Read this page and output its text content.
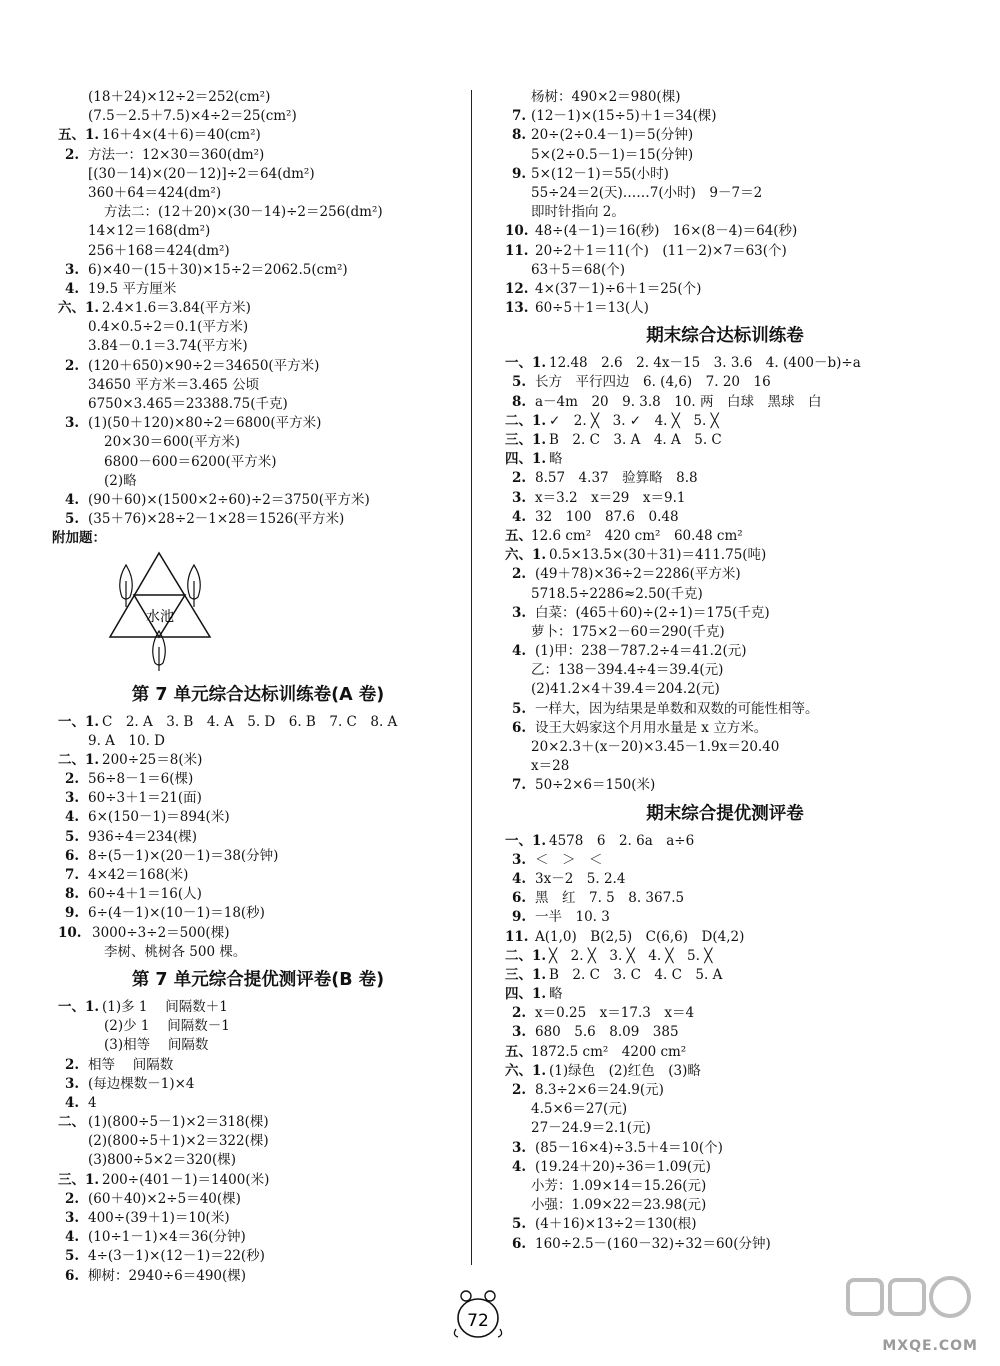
(18＋24)×12÷2＝252(cm²)
(7.5－2.5＋7.5)×4÷2＝25(cm²)
五、1. 16＋4×(4＋6)＝40(cm²)
2. 方法一：12×30＝360(dm²)
[(30－14)×(20－12)]÷2＝64(dm²)
360＋64＝424(dm²)
方法二：(12＋20)×(30－14)÷2＝256(dm²)
14×12＝168(dm²)
256＋168＝424(dm²)
3. 6)×40－(15＋30)×15÷2＝2062.5(cm²)
4. 19.5 平方厘米
六、1. 2.4×1.6＝3.84(平方米)
0.4×0.5÷2＝0.1(平方米)
3.84－0.1＝3.74(平方米)
2. (120＋650)×90÷2＝34650(平方米)
34650 平方米＝3.465 公顷
6750×3.465＝23388.75(千克)
3. (1)(50＋120)×80÷2＝6800(平方米)
20×30＝600(平方米)
6800－600＝6200(平方米)
(2)略
4. (90＋60)×(1500×2÷60)÷2＝3750(平方米)
5. (35＋76)×28÷2－1×28＝1526(平方米)
附加题：
水池
第 7 单元综合达标训练卷(A 卷)
一、1. C　2. A　3. B　4. A　5. D　6. B　7. C　8. A
9. A　10. D
二、1. 200÷25＝8(米)
2. 56÷8－1＝6(棵)
3. 60÷3＋1＝21(面)
4. 6×(150－1)＝894(米)
5. 936÷4＝234(棵)
6. 8÷(5－1)×(20－1)＝38(分钟)
7. 4×42＝168(米)
8. 60÷4＋1＝16(人)
9. 6÷(4－1)×(10－1)＝18(秒)
10. 3000÷3÷2＝500(棵)
李树、桃树各 500 棵。
第 7 单元综合提优测评卷(B 卷)
一、1. (1)多 1　 间隔数＋1
(2)少 1　 间隔数－1
(3)相等　 间隔数
2. 相等　 间隔数
3. (每边棵数－1)×4
4. 4
二、 (1)(800÷5－1)×2＝318(棵)
(2)(800÷5＋1)×2＝322(棵)
(3)800÷5×2＝320(棵)
三、1. 200÷(401－1)＝1400(米)
2. (60＋40)×2÷5＝40(棵)
3. 400÷(39＋1)＝10(米)
4. (10÷1－1)×4＝36(分钟)
5. 4÷(3－1)×(12－1)＝22(秒)
6. 柳树：2940÷6＝490(棵)
杨树：490×2＝980(棵)
7. (12－1)×(15÷5)＋1＝34(棵)
8. 20÷(2÷0.4－1)＝5(分钟)
5×(2÷0.5－1)＝15(分钟)
9. 5×(12－1)＝55(小时)
55÷24＝2(天)……7(小时)　9－7＝2
即时针指向 2。
10. 48÷(4－1)＝16(秒)　16×(8－4)＝64(秒)
11. 20÷2＋1＝11(个)　(11－2)×7＝63(个)
63＋5＝68(个)
12. 4×(37－1)÷6＋1＝25(个)
13. 60÷5＋1＝13(人)
期末综合达标训练卷
一、1. 12.48　2.6　2. 4x－15　3. 3.6　4. (400－b)÷a
5. 长方　平行四边　6. (4,6)　7. 20　16
8. a－4m　20　9. 3.8　10. 两　白球　黑球　白
二、1. ✓　2. ╳　3. ✓　4. ╳　5. ╳
三、1. B　2. C　3. A　4. A　5. C
四、1. 略
2. 8.57　4.37　验算略　8.8
3. x＝3.2　x＝29　x＝9.1
4. 32　100　87.6　0.48
五、 12.6 cm²　420 cm²　60.48 cm²
六、1. 0.5×13.5×(30＋31)＝411.75(吨)
2. (49＋78)×36÷2＝2286(平方米)
5718.5÷2286≈2.50(千克)
3. 白菜：(465＋60)÷(2÷1)＝175(千克)
萝卜：175×2－60＝290(千克)
4. (1)甲：238－787.2÷4＝41.2(元)
乙：138－394.4÷4＝39.4(元)
(2)41.2×4＋39.4＝204.2(元)
5. 一样大，因为结果是单数和双数的可能性相等。
6. 设王大妈家这个月用水量是 x 立方米。
20×2.3＋(x－20)×3.45－1.9x＝20.40
x＝28
7. 50÷2×6＝150(米)
期末综合提优测评卷
一、1. 4578　6　2. 6a　a÷6
3. ＜　＞　＜
4. 3x－2　5. 2.4
6. 黑　红　7. 5　8. 367.5
9. 一半　10. 3
11. A(1,0)　B(2,5)　C(6,6)　D(4,2)
二、1. ╳　2. ╳　3. ╳　4. ╳　5. ╳
三、1. B　2. C　3. C　4. C　5. A
四、1. 略
2. x＝0.25　x＝17.3　x＝4
3. 680　5.6　8.09　385
五、 1872.5 cm²　4200 cm²
六、1. (1)绿色　(2)红色　(3)略
2. 8.3÷2×6＝24.9(元)
4.5×6＝27(元)
27－24.9＝2.1(元)
3. (85－16×4)÷3.5＋4＝10(个)
4. (19.24＋20)÷36＝1.09(元)
小芳：1.09×14＝15.26(元)
小强：1.09×22＝23.98(元)
5. (4＋16)×13÷2＝130(根)
6. 160÷2.5－(160－32)÷32＝60(分钟)
72
MXQE.COM
